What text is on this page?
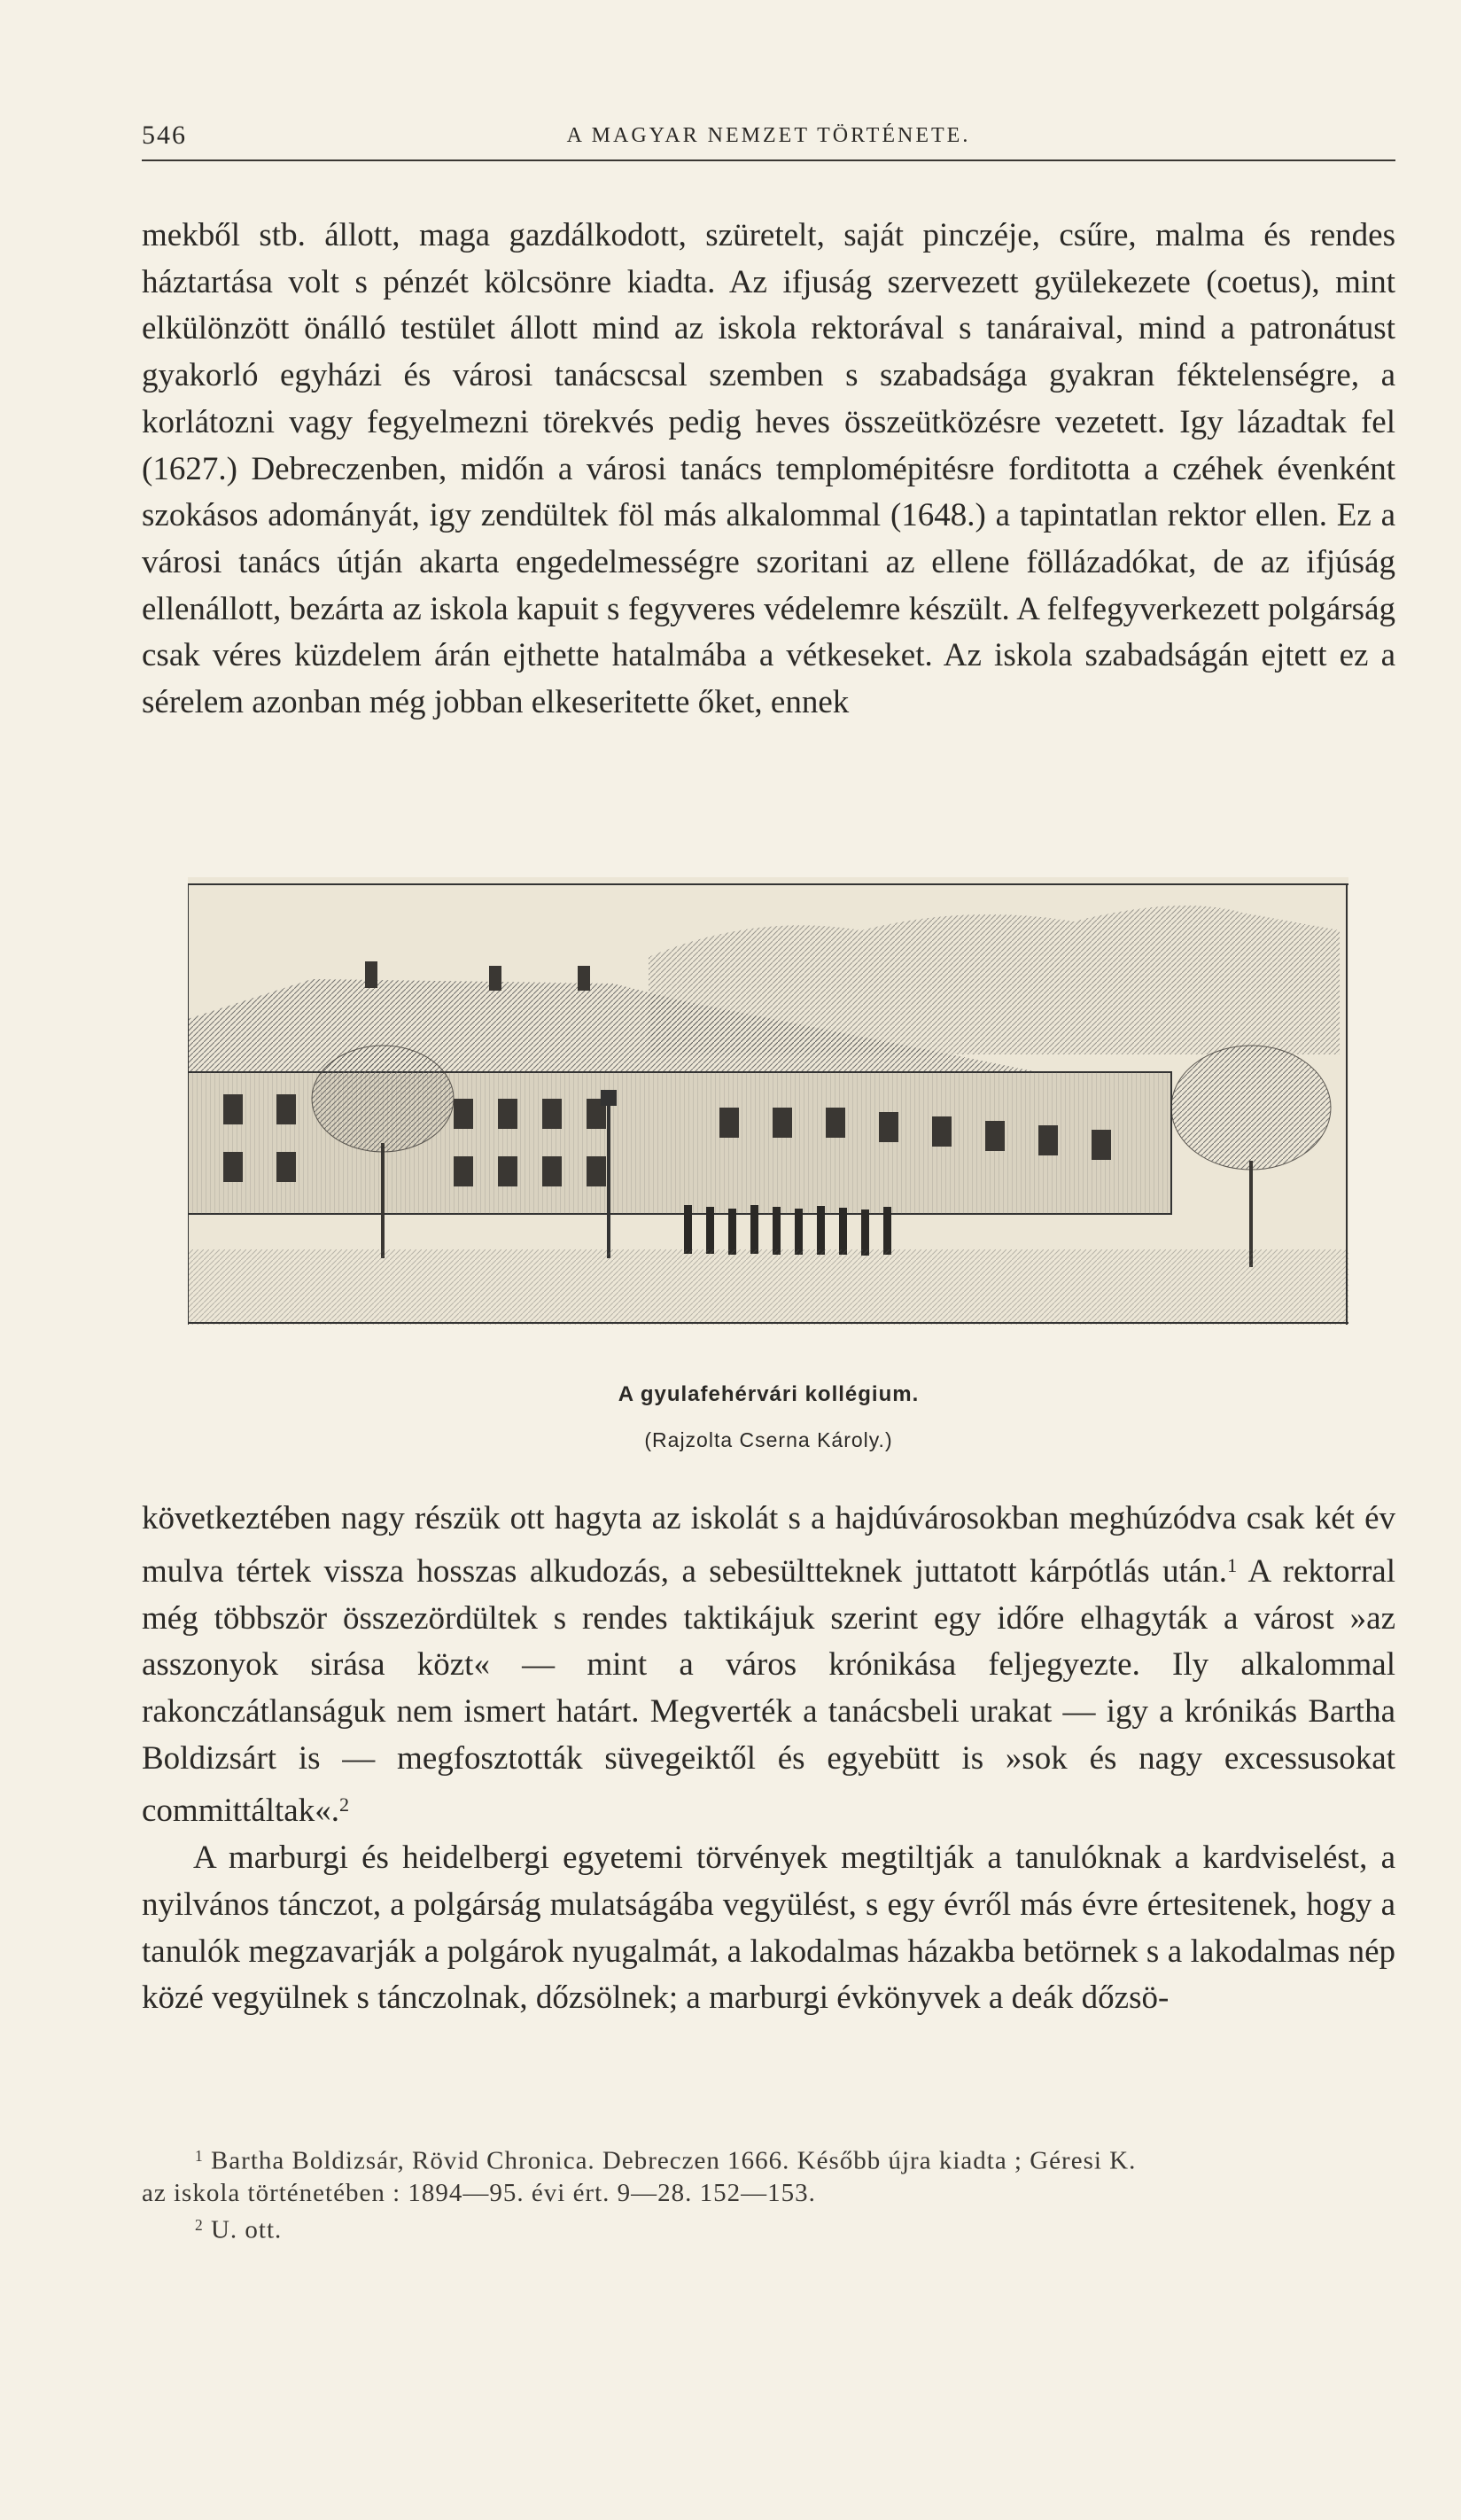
546	A MAGYAR NEMZET TÖRTÉNETE.

mekből stb. állott, maga gazdálkodott, szüretelt, saját pinczéje, csűre, malma és rendes háztartása volt s pénzét kölcsönre kiadta. Az ifjuság szervezett gyülekezete (coetus), mint elkülönzött önálló testület állott mind az iskola rektorával s tanáraival, mind a patronátust gyakorló egyházi és városi tanácscsal szemben s szabadsága gyakran féktelenségre, a korlátozni vagy fegyelmezni törekvés pedig heves összeütközésre vezetett. Igy lázadtak fel (1627.) Debreczenben, midőn a városi tanács templomépitésre forditotta a czéhek évenként szokásos adományát, igy zendültek föl más alkalommal (1648.) a tapintatlan rektor ellen. Ez a városi tanács útján akarta engedelmességre szoritani az ellene föllázadókat, de az ifjúság ellenállott, bezárta az iskola kapuit s fegyveres védelemre készült. A felfegyverkezett polgárság csak véres küzdelem árán ejthette hatalmába a vétkeseket. Az iskola szabadságán ejtett ez a sérelem azonban még jobban elkeseritette őket, ennek

A gyulafehérvári kollégium.
(Rajzolta Cserna Károly.)

következtében nagy részük ott hagyta az iskolát s a hajdúvárosokban meghúzódva csak két év mulva tértek vissza hosszas alkudozás, a sebesültteknek juttatott kárpótlás után.$^1$ A rektorral még többször összezördültek s rendes taktikájuk szerint egy időre elhagyták a várost »az asszonyok sirása közt« — mint a város krónikása feljegyezte. Ily alkalommal rakonczátlanságuk nem ismert határt. Megverték a tanácsbeli urakat — igy a krónikás Bartha Boldizsárt is — megfosztották süvegeiktől és egyebütt is »sok és nagy excessusokat committáltak«.$^2$

A marburgi és heidelbergi egyetemi törvények megtiltják a tanulóknak a kardviselést, a nyilvános tánczot, a polgárság mulatságába vegyülést, s egy évről más évre értesitenek, hogy a tanulók megzavarják a polgárok nyugalmát, a lakodalmas házakba betörnek s a lakodalmas nép közé vegyülnek s tánczolnak, dőzsölnek; a marburgi évkönyvek a deák dőzsö-

$^1$ Bartha Boldizsár, Rövid Chronica. Debreczen 1666. Később újra kiadta ; Géresi K.

az iskola történetében : 1894—95. évi ért. 9—28. 152—153.

$^2$ U. ott.
